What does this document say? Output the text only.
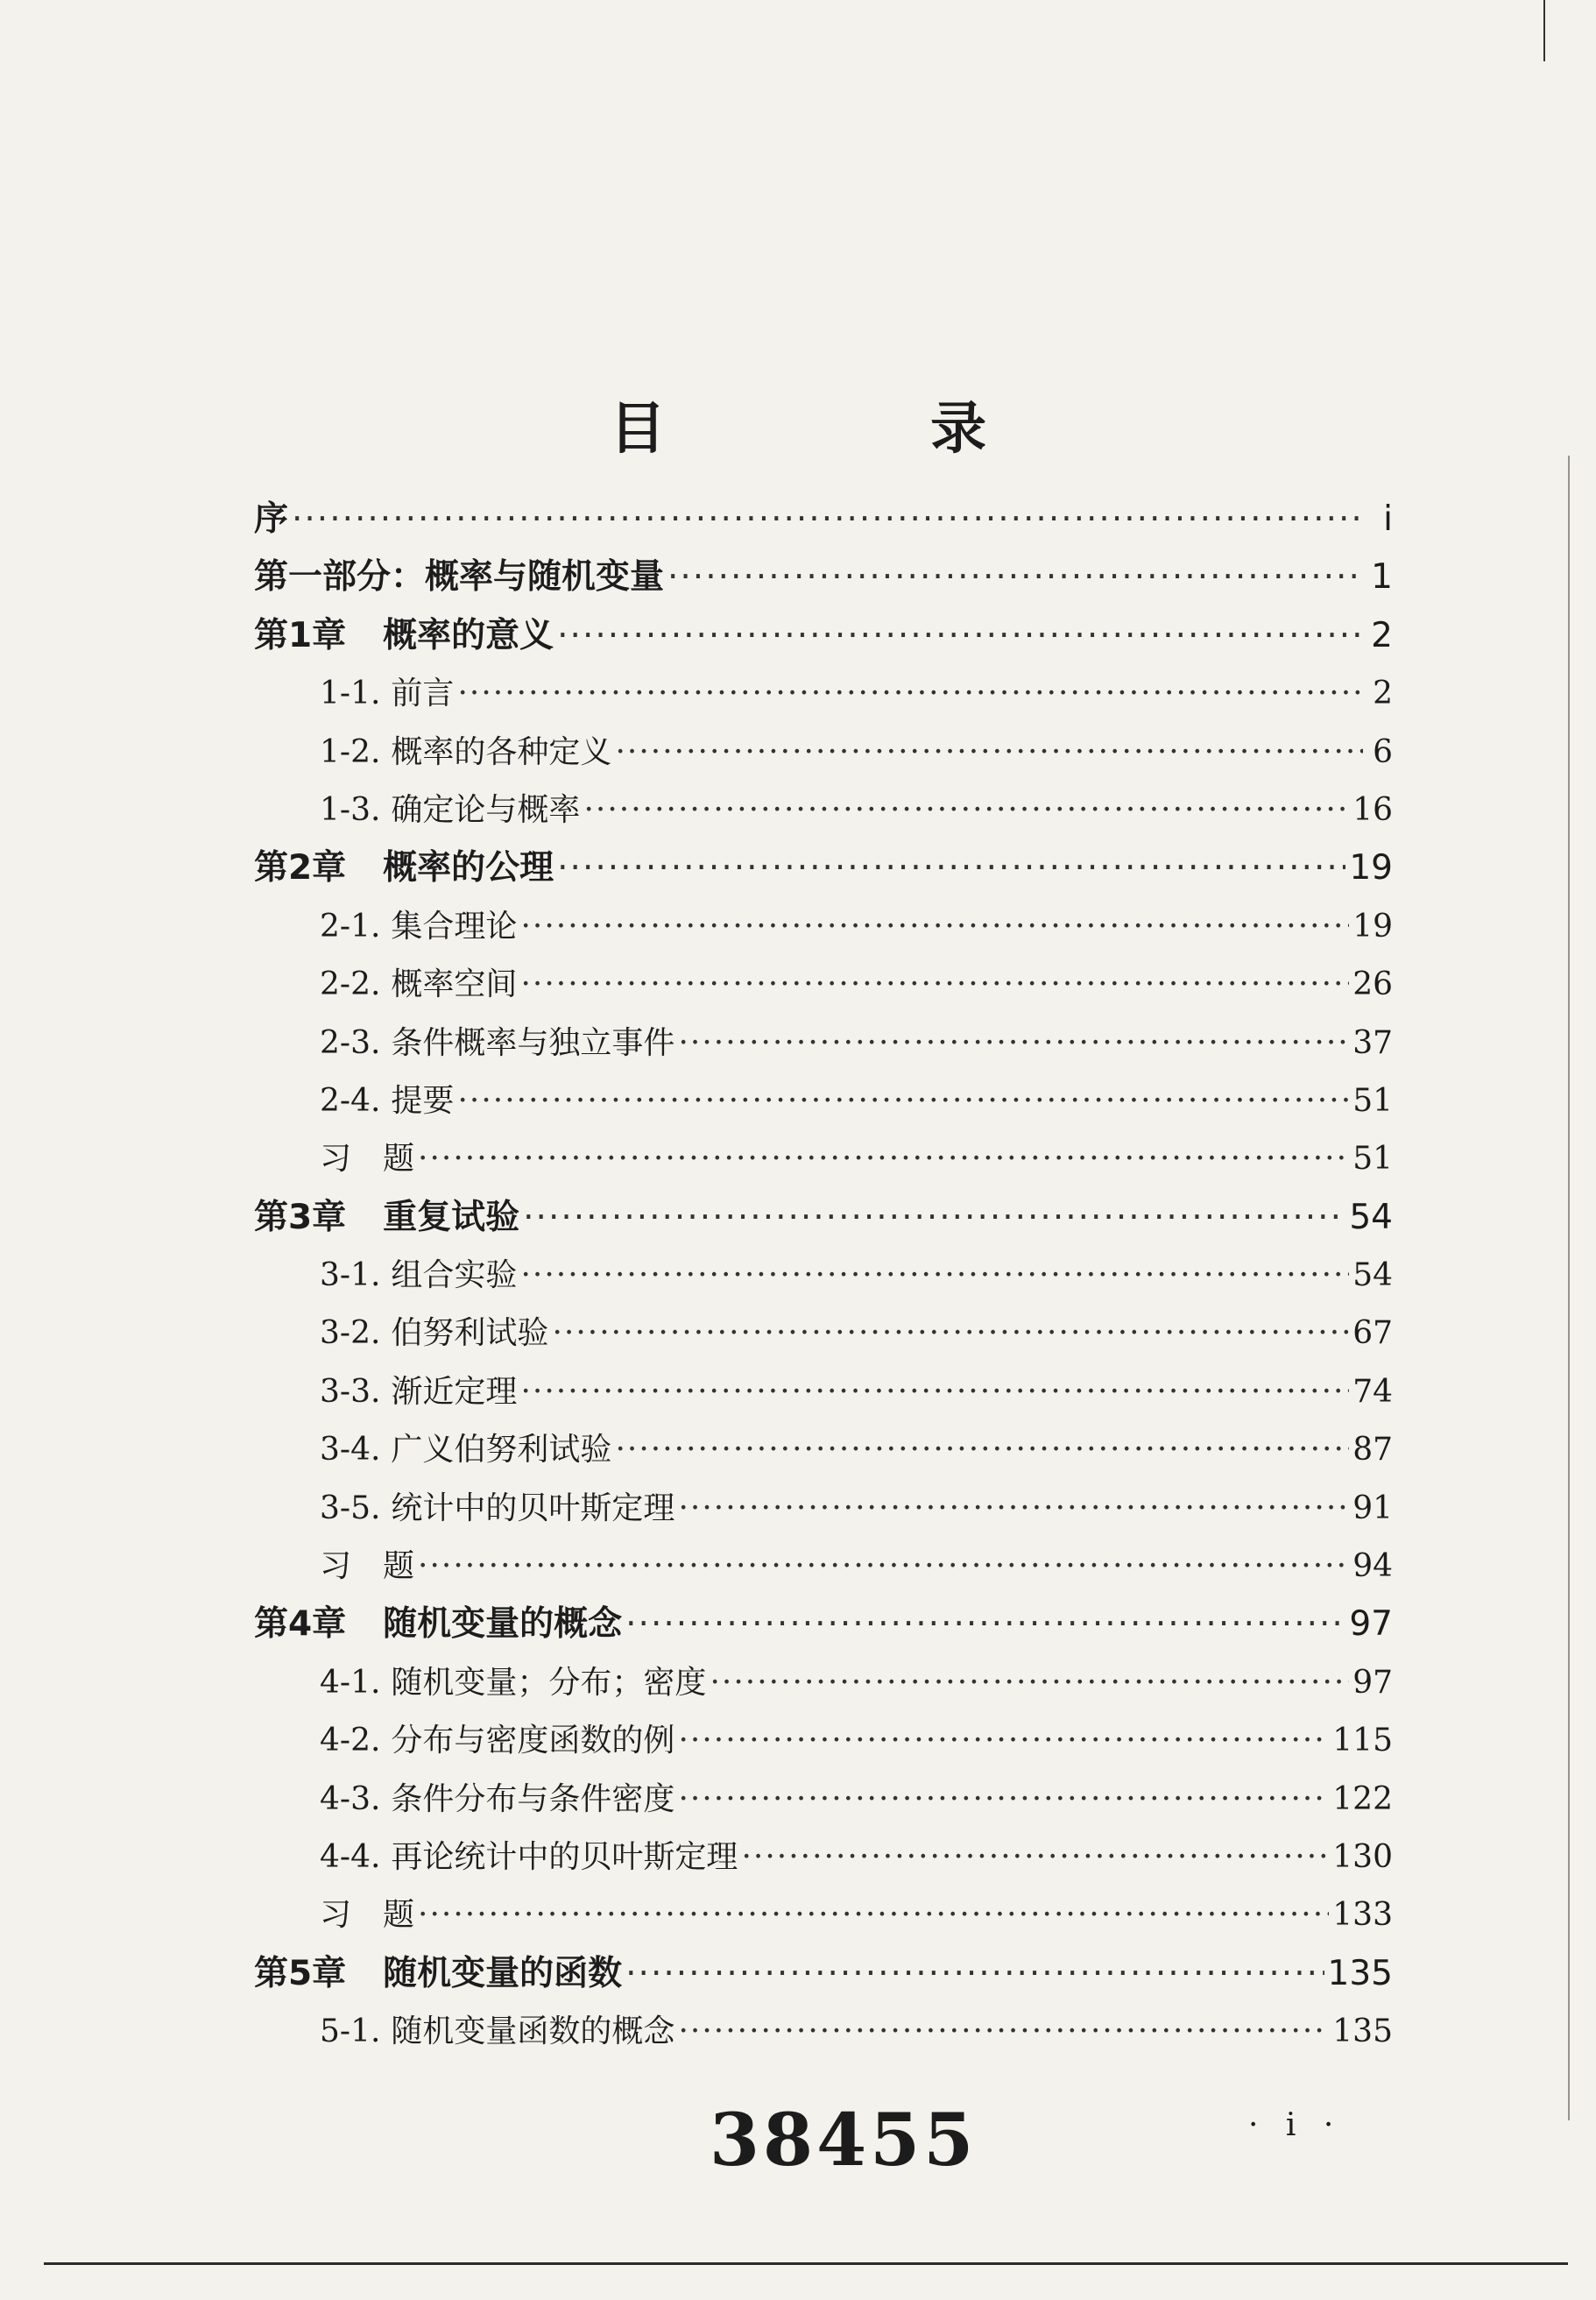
目 录
序 ·····	i
第一部分：概率与随机变量 ·····	1
第1章 概率的意义 ·····	2
1-1. 前言 ·····	2
1-2. 概率的各种定义 ·····	6
1-3. 确定论与概率 ·····	16
第2章 概率的公理 ·····	19
2-1. 集合理论 ·····	19
2-2. 概率空间 ·····	26
2-3. 条件概率与独立事件 ·····	37
2-4. 提要 ·····	51
习　题 ·····	51
第3章 重复试验 ·····	54
3-1. 组合实验 ·····	54
3-2. 伯努利试验 ·····	67
3-3. 渐近定理 ·····	74
3-4. 广义伯努利试验 ·····	87
3-5. 统计中的贝叶斯定理 ·····	91
习　题 ·····	94
第4章 随机变量的概念 ·····	97
4-1. 随机变量；分布；密度 ·····	97
4-2. 分布与密度函数的例 ·····	115
4-3. 条件分布与条件密度 ·····	122
4-4. 再论统计中的贝叶斯定理 ·····	130
习　题 ·····	133
第5章 随机变量的函数 ·····	135
5-1. 随机变量函数的概念 ·····	135
38455	· i ·
